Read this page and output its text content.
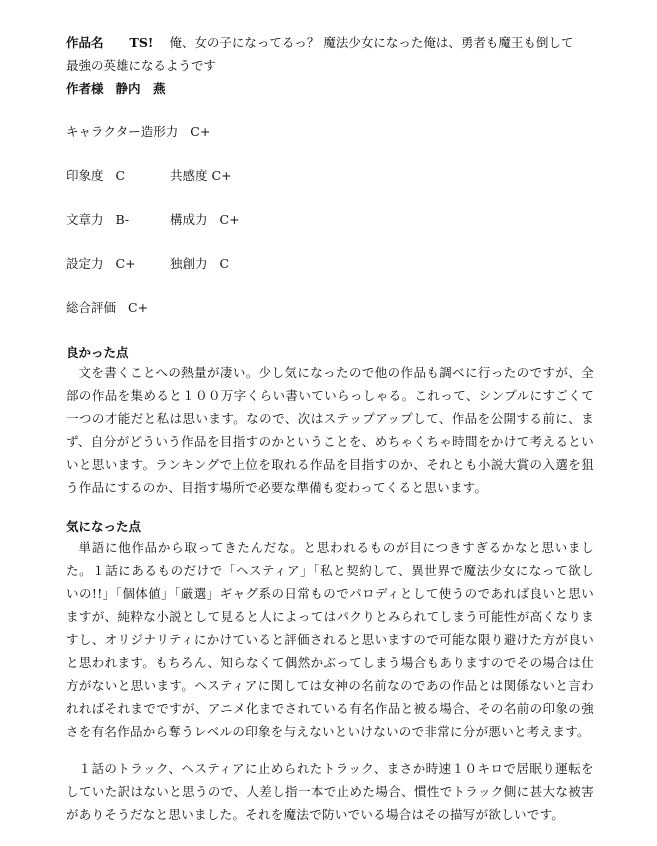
作品名 TS! 俺、女の子になってるっ？ 魔法少女になった俺は、勇者も魔王も倒して
最強の英雄になるようです
作者様 静内　燕
キャラクター造形力 C+
印象度 C	共感度 C+
文章力 B-	構成力 C+
設定力 C+	独創力 C
総合評価 C+
良かった点
文を書くことへの熱量が凄い。少し気になったので他の作品も調べに行ったのですが、全部の作品を集めると１００万字くらい書いていらっしゃる。これって、シンプルにすごくて一つの才能だと私は思います。なので、次はステップアップして、作品を公開する前に、まず、自分がどういう作品を目指すのかということを、めちゃくちゃ時間をかけて考えるといいと思います。ランキングで上位を取れる作品を目指すのか、それとも小説大賞の入選を狙う作品にするのか、目指す場所で必要な準備も変わってくると思います。
気になった点
単語に他作品から取ってきたんだな。と思われるものが目につきすぎるかなと思いました。１話にあるものだけで「ヘスティア」「私と契約して、異世界で魔法少女になって欲しいの!!」「個体値」「厳選」ギャグ系の日常ものでパロディとして使うのであれば良いと思いますが、純粋な小説として見ると人によってはパクりとみられてしまう可能性が高くなりますし、オリジナリティにかけていると評価されると思いますので可能な限り避けた方が良いと思われます。もちろん、知らなくて偶然かぶってしまう場合もありますのでその場合は仕方がないと思います。ヘスティアに関しては女神の名前なのであの作品とは関係ないと言われればそれまでですが、アニメ化までされている有名作品と被る場合、その名前の印象の強さを有名作品から奪うレベルの印象を与えないといけないので非常に分が悪いと考えます。
１話のトラック、ヘスティアに止められたトラック、まさか時速１０キロで居眠り運転をしていた訳はないと思うので、人差し指一本で止めた場合、慣性でトラック側に甚大な被害がありそうだなと思いました。それを魔法で防いでいる場合はその描写が欲しいです。
